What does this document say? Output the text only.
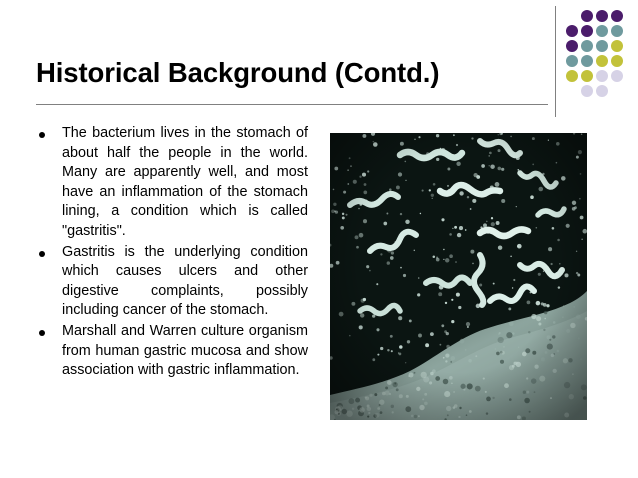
Historical Background (Contd.)
The bacterium lives in the stomach of about half the people in the world. Many are apparently well, and most have an inflammation of the stomach lining, a condition which is called "gastritis".
Gastritis is the underlying condition which causes ulcers and other digestive complaints, possibly including cancer of the stomach.
Marshall and Warren culture organism from human gastric mucosa and show association with gastric inflammation.
